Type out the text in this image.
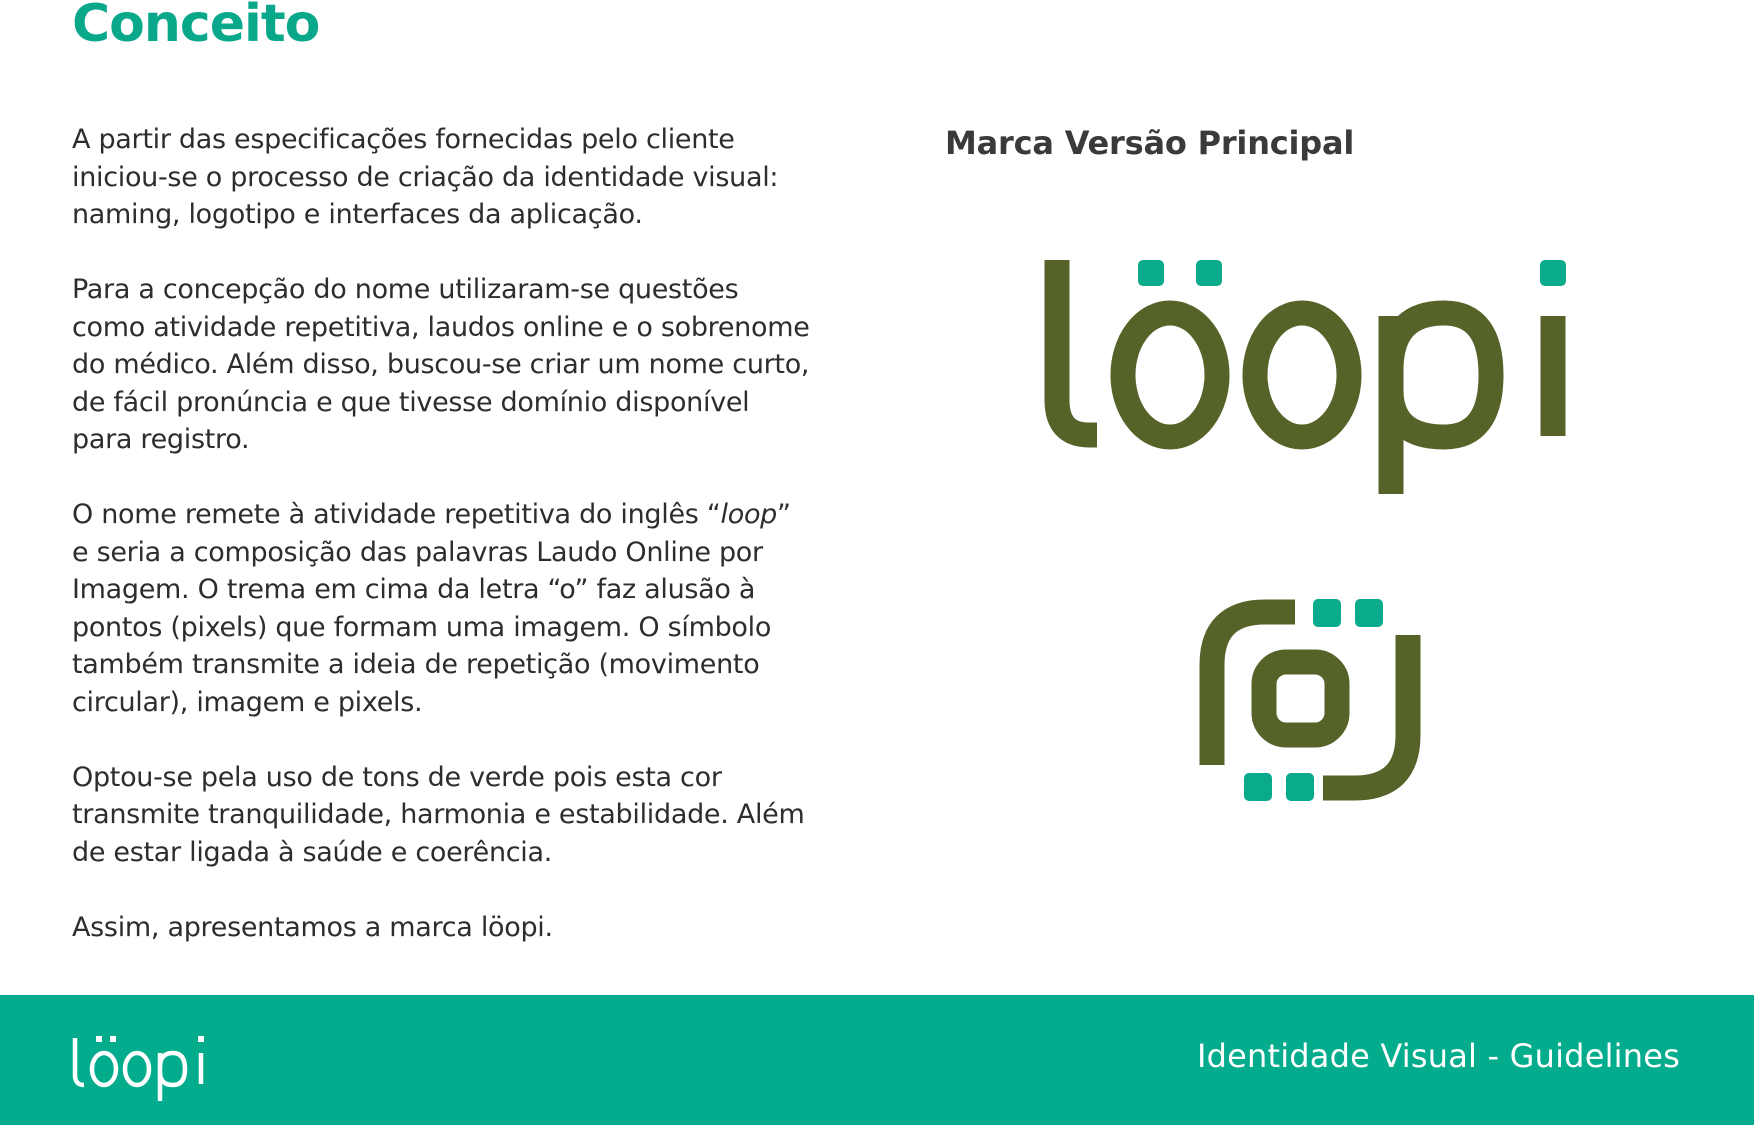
Conceito

A partir das especificações fornecidas pelo cliente iniciou-se o processo de criação da identidade visual: naming, logotipo e interfaces da aplicação.

Para a concepção do nome utilizaram-se questões como atividade repetitiva, laudos online e o sobrenome do médico. Além disso, buscou-se criar um nome curto, de fácil pronúncia e que tivesse domínio disponível para registro.

O nome remete à atividade repetitiva do inglês “loop” e seria a composição das palavras Laudo Online por Imagem. O trema em cima da letra “o” faz alusão à pontos (pixels) que formam uma imagem. O símbolo também transmite a ideia de repetição (movimento circular), imagem e pixels.

Optou-se pela uso de tons de verde pois esta cor transmite tranquilidade, harmonia e estabilidade. Além de estar ligada à saúde e coerência.

Assim, apresentamos a marca löopi.

Marca Versão Principal
Identidade Visual - Guidelines
